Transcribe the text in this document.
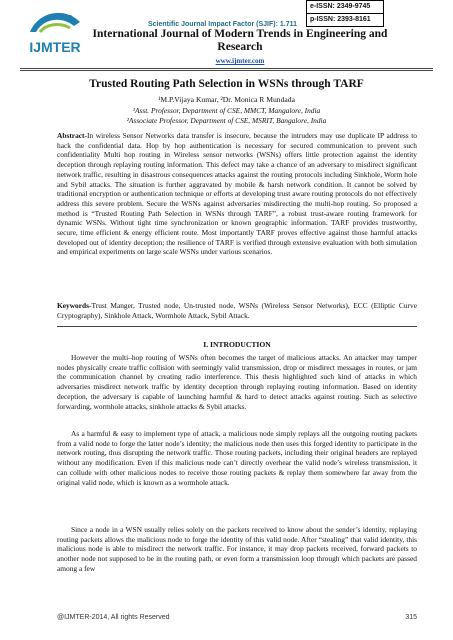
IJMTER
e-ISSN: 2349-9745
p-ISSN: 2393-8161
Scientific Journal Impact Factor (SJIF): 1.711
International Journal of Modern Trends in Engineering and Research
www.ijmter.com
Trusted Routing Path Selection in WSNs through TARF
¹M.P.Vijaya Kumar, ²Dr. Monica R Mundada
¹Asst. Professor, Department of CSE, MMCT, Mangalore, India
²Associate Professor, Department of CSE, MSRIT, Bangalore, India
Abstract-In wireless Sensor Networks data transfer is insecure, because the intruders may use duplicate IP address to hack the confidential data. Hop by hop authentication is necessary for secured communication to prevent such confidentiality Multi hop routing in Wireless sensor networks (WSNs) offers little protection against the identity deception through replaying routing information. This defect may take a chance of an adversary to misdirect significant network traffic, resulting in disastrous consequences attacks against the routing protocols including Sinkhole, Worm hole and Sybil attacks. The situation is further aggravated by mobile & harsh network condition. It cannot be solved by traditional encryption or authentication technique or efforts at developing trust aware routing protocols do not effectively address this severe problem. Secure the WSNs against adversaries misdirecting the multi-hop routing. So proposed a method is “Trusted Routing Path Selection in WSNs through TARF”, a robust trust-aware routing framework for dynamic WSNs. Without tight time synchronization or known geographic information. TARF provides trustworthy, secure, time efficient & energy efficient route. Most importantly TARF proves effective against those harmful attacks developed out of identity deception; the resilience of TARF is verified through extensive evaluation with both simulation and empirical experiments on large scale WSNs under various scenarios.
Keywords-Trust Manger, Trusted node, Un-trusted node, WSNs (Wireless Sensor Networks), ECC (Elliptic Curve Cryptography), Sinkhole Attack, Wormhole Attack, Sybil Attack.
I. INTRODUCTION
However the multi–hop routing of WSNs often becomes the target of malicious attacks. An attacker may tamper nodes physically create traffic collision with seemingly valid transmission, drop or misdirect messages in routes, or jam the communication channel by creating radio interference. This thesis highlighted such kind of attacks in which adversaries misdirect network traffic by identity deception through replaying routing information. Based on identity deception, the adversary is capable of launching harmful & hard to detect attacks against routing. Such as selective forwarding, wormhole attacks, sinkhole attacks & Sybil attacks.
As a harmful & easy to implement type of attack, a malicious node simply replays all the outgoing routing packets from a valid node to forge the latter node’s identity; the malicious node then uses this forged identity to participate in the network routing, thus disrupting the network traffic. Those routing packets, including their original headers are replayed without any modification. Even if this malicious node can’t directly overhear the valid node’s wireless transmission, it can collude with other malicious nodes to receive those routing packets & replay them somewhere far away from the original valid node, which is known as a wormhole attack.
Since a node in a WSN usually relies solely on the packets received to know about the sender’s identity, replaying routing packets allows the malicious node to forge the identity of this valid node. After “stealing” that valid identity, this malicious node is able to misdirect the network traffic. For instance, it may drop packets received, forward packets to another node not supposed to be in the routing path, or even form a transmission loop through which packets are passed among a few
@IJMTER-2014, All rights Reserved	315
